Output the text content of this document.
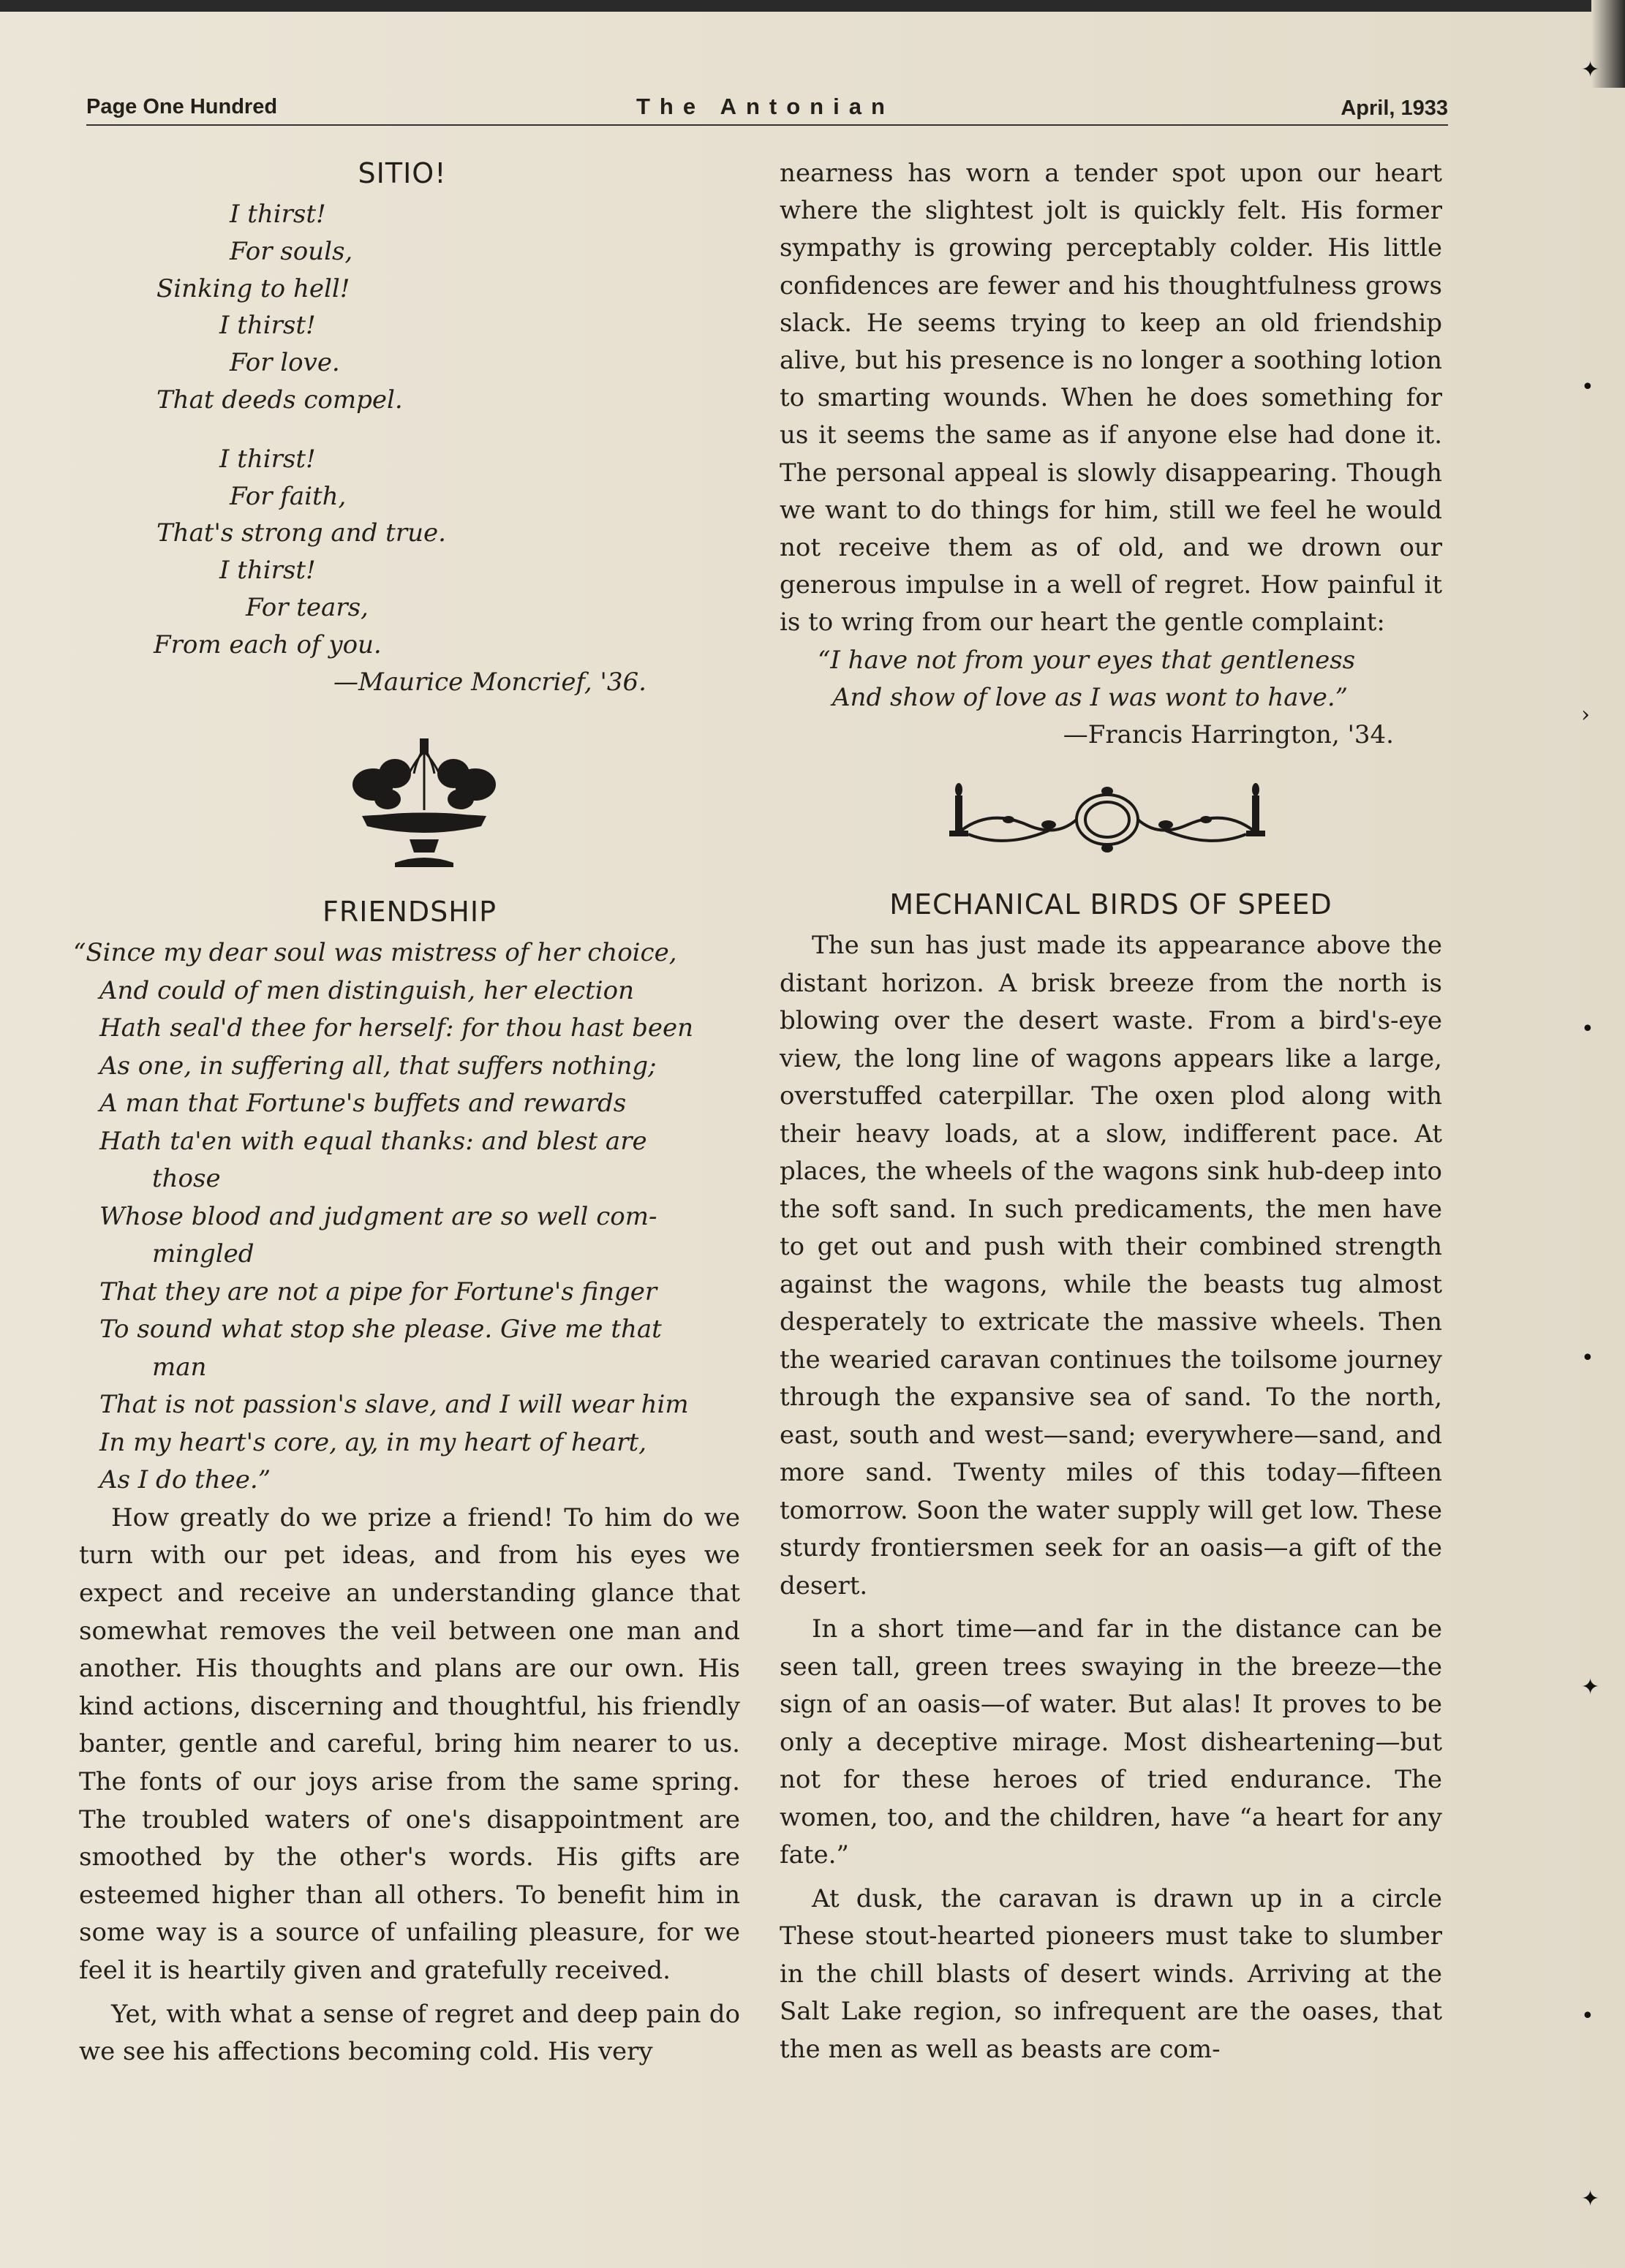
Page One Hundred	The Antonian	April, 1933
SITIO!
I thirst!
For souls,
Sinking to hell!
I thirst!
For love.
That deeds compel.
I thirst!
For faith,
That's strong and true.
I thirst!
For tears,
From each of you.
—Maurice Moncrief, '36.
FRIENDSHIP
“Since my dear soul was mistress of her choice,
And could of men distinguish, her election
Hath seal'd thee for herself: for thou hast been
As one, in suffering all, that suffers nothing;
A man that Fortune's buffets and rewards
Hath ta'en with equal thanks: and blest are
those
Whose blood and judgment are so well com-
mingled
That they are not a pipe for Fortune's finger
To sound what stop she please. Give me that
man
That is not passion's slave, and I will wear him
In my heart's core, ay, in my heart of heart,
As I do thee.”

How greatly do we prize a friend! To him do we turn with our pet ideas, and from his eyes we expect and receive an understanding glance that somewhat removes the veil between one man and another. His thoughts and plans are our own. His kind actions, discerning and thoughtful, his friendly banter, gentle and careful, bring him nearer to us. The fonts of our joys arise from the same spring. The troubled waters of one's disappointment are smoothed by the other's words. His gifts are esteemed higher than all others. To benefit him in some way is a source of unfailing pleasure, for we feel it is heartily given and gratefully received.

Yet, with what a sense of regret and deep pain do we see his affections becoming cold. His very

nearness has worn a tender spot upon our heart where the slightest jolt is quickly felt. His former sympathy is growing perceptably colder. His little confidences are fewer and his thoughtfulness grows slack. He seems trying to keep an old friendship alive, but his presence is no longer a soothing lotion to smarting wounds. When he does something for us it seems the same as if anyone else had done it. The personal appeal is slowly disappearing. Though we want to do things for him, still we feel he would not receive them as of old, and we drown our generous impulse in a well of regret. How painful it is to wring from our heart the gentle complaint:

“I have not from your eyes that gentleness
And show of love as I was wont to have.”
—Francis Harrington, '34.
MECHANICAL BIRDS OF SPEED

The sun has just made its appearance above the distant horizon. A brisk breeze from the north is blowing over the desert waste. From a bird's-eye view, the long line of wagons appears like a large, overstuffed caterpillar. The oxen plod along with their heavy loads, at a slow, indifferent pace. At places, the wheels of the wagons sink hub-deep into the soft sand. In such predicaments, the men have to get out and push with their combined strength against the wagons, while the beasts tug almost desperately to extricate the massive wheels. Then the wearied caravan continues the toilsome journey through the expansive sea of sand. To the north, east, south and west—sand; everywhere—sand, and more sand. Twenty miles of this today—fifteen tomorrow. Soon the water supply will get low. These sturdy frontiersmen seek for an oasis—a gift of the desert.

In a short time—and far in the distance can be seen tall, green trees swaying in the breeze—the sign of an oasis—of water. But alas! It proves to be only a deceptive mirage. Most disheartening—but not for these heroes of tried endurance. The women, too, and the children, have “a heart for any fate.”

At dusk, the caravan is drawn up in a circle These stout-hearted pioneers must take to slumber in the chill blasts of desert winds. Arriving at the Salt Lake region, so infrequent are the oases, that the men as well as beasts are com-

✦
•
›
•
•
✦
•
✦
